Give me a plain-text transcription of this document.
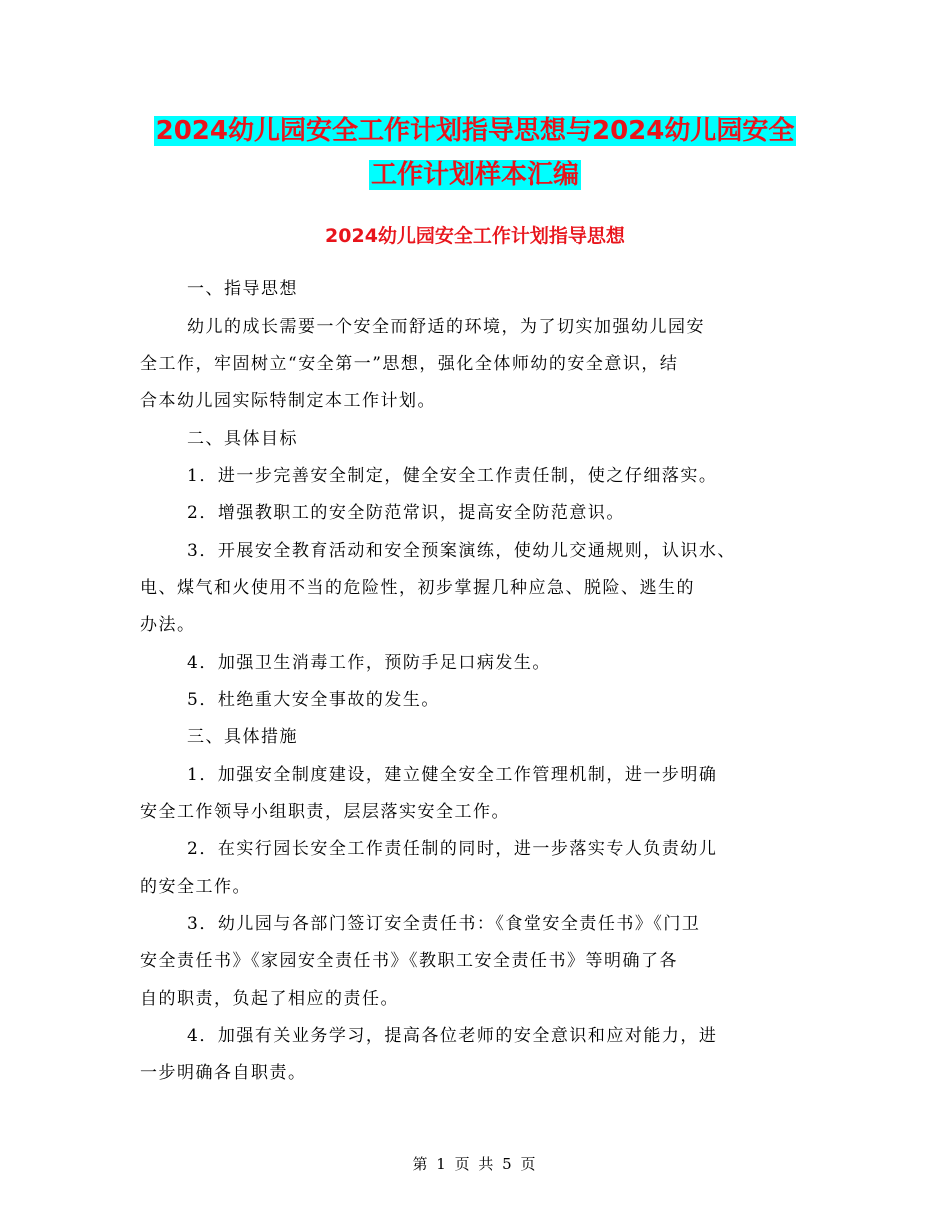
2024幼儿园安全工作计划指导思想与2024幼儿园安全
工作计划样本汇编
2024幼儿园安全工作计划指导思想
一、指导思想
幼儿的成长需要一个安全而舒适的环境，为了切实加强幼儿园安
全工作，牢固树立“安全第一”思想，强化全体师幼的安全意识，结
合本幼儿园实际特制定本工作计划。
二、具体目标
1．进一步完善安全制定，健全安全工作责任制，使之仔细落实。
2．增强教职工的安全防范常识，提高安全防范意识。
3．开展安全教育活动和安全预案演练，使幼儿交通规则，认识水、
电、煤气和火使用不当的危险性，初步掌握几种应急、脱险、逃生的
办法。
4．加强卫生消毒工作，预防手足口病发生。
5．杜绝重大安全事故的发生。
三、具体措施
1．加强安全制度建设，建立健全安全工作管理机制，进一步明确
安全工作领导小组职责，层层落实安全工作。
2．在实行园长安全工作责任制的同时，进一步落实专人负责幼儿
的安全工作。
3．幼儿园与各部门签订安全责任书：《食堂安全责任书》《门卫
安全责任书》《家园安全责任书》《教职工安全责任书》等明确了各
自的职责，负起了相应的责任。
4．加强有关业务学习，提高各位老师的安全意识和应对能力，进
一步明确各自职责。
第 1 页 共 5 页
